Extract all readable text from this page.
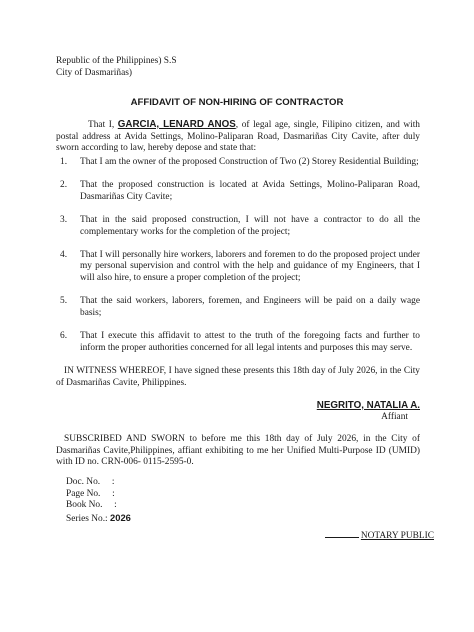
Republic of the Philippines) S.S
City of Dasmariñas)
AFFIDAVIT OF NON-HIRING OF CONTRACTOR
That I, GARCIA, LENARD ANOS, of legal age, single, Filipino citizen, and with postal address at Avida Settings, Molino-Paliparan Road, Dasmariñas City Cavite, after duly sworn according to law, hereby depose and state that:
1. That I am the owner of the proposed Construction of Two (2) Storey Residential Building;
2. That the proposed construction is located at Avida Settings, Molino-Paliparan Road, Dasmariñas City Cavite;
3. That in the said proposed construction, I will not have a contractor to do all the complementary works for the completion of the project;
4. That I will personally hire workers, laborers and foremen to do the proposed project under my personal supervision and control with the help and guidance of my Engineers, that I will also hire, to ensure a proper completion of the project;
5. That the said workers, laborers, foremen, and Engineers will be paid on a daily wage basis;
6. That I execute this affidavit to attest to the truth of the foregoing facts and further to inform the proper authorities concerned for all legal intents and purposes this may serve.
IN WITNESS WHEREOF, I have signed these presents this 18th day of July 2026, in the City of Dasmariñas Cavite, Philippines.
NEGRITO, NATALIA A.
Affiant
SUBSCRIBED AND SWORN to before me this 18th day of July 2026, in the City of Dasmariñas Cavite,Philippines, affiant exhibiting to me her Unified Multi-Purpose ID (UMID) with ID no. CRN-006- 0115-2595-0.
Doc. No.     :
Page No.     :
Book No.     :
Series No.: 2026
NOTARY PUBLIC
